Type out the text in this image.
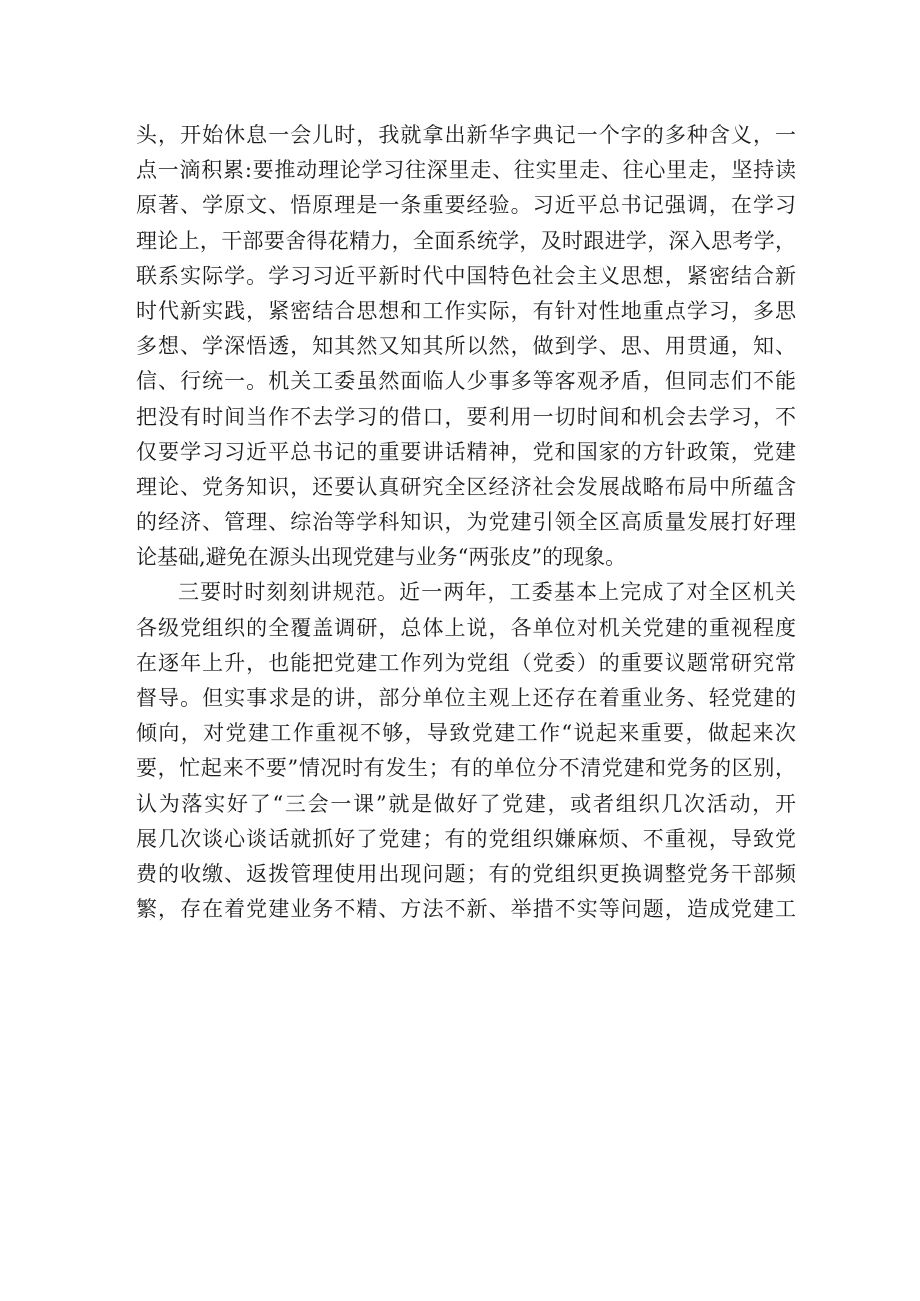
头，开始休息一会儿时，我就拿出新华字典记一个字的多种含义，一
点一滴积累:要推动理论学习往深里走、往实里走、往心里走，坚持读
原著、学原文、悟原理是一条重要经验。习近平总书记强调，在学习
理论上，干部要舍得花精力，全面系统学，及时跟进学，深入思考学，
联系实际学。学习习近平新时代中国特色社会主义思想，紧密结合新
时代新实践，紧密结合思想和工作实际，有针对性地重点学习，多思
多想、学深悟透，知其然又知其所以然，做到学、思、用贯通，知、
信、行统一。机关工委虽然面临人少事多等客观矛盾，但同志们不能
把没有时间当作不去学习的借口，要利用一切时间和机会去学习，不
仅要学习习近平总书记的重要讲话精神，党和国家的方针政策，党建
理论、党务知识，还要认真研究全区经济社会发展战略布局中所蕴含
的经济、管理、综治等学科知识，为党建引领全区高质量发展打好理
论基础,避免在源头出现党建与业务“两张皮”的现象。
三要时时刻刻讲规范。近一两年，工委基本上完成了对全区机关
各级党组织的全覆盖调研，总体上说，各单位对机关党建的重视程度
在逐年上升，也能把党建工作列为党组（党委）的重要议题常研究常
督导。但实事求是的讲，部分单位主观上还存在着重业务、轻党建的
倾向，对党建工作重视不够，导致党建工作“说起来重要，做起来次
要，忙起来不要”情况时有发生；有的单位分不清党建和党务的区别，
认为落实好了“三会一课”就是做好了党建，或者组织几次活动，开
展几次谈心谈话就抓好了党建；有的党组织嫌麻烦、不重视，导致党
费的收缴、返拨管理使用出现问题；有的党组织更换调整党务干部频
繁，存在着党建业务不精、方法不新、举措不实等问题，造成党建工
